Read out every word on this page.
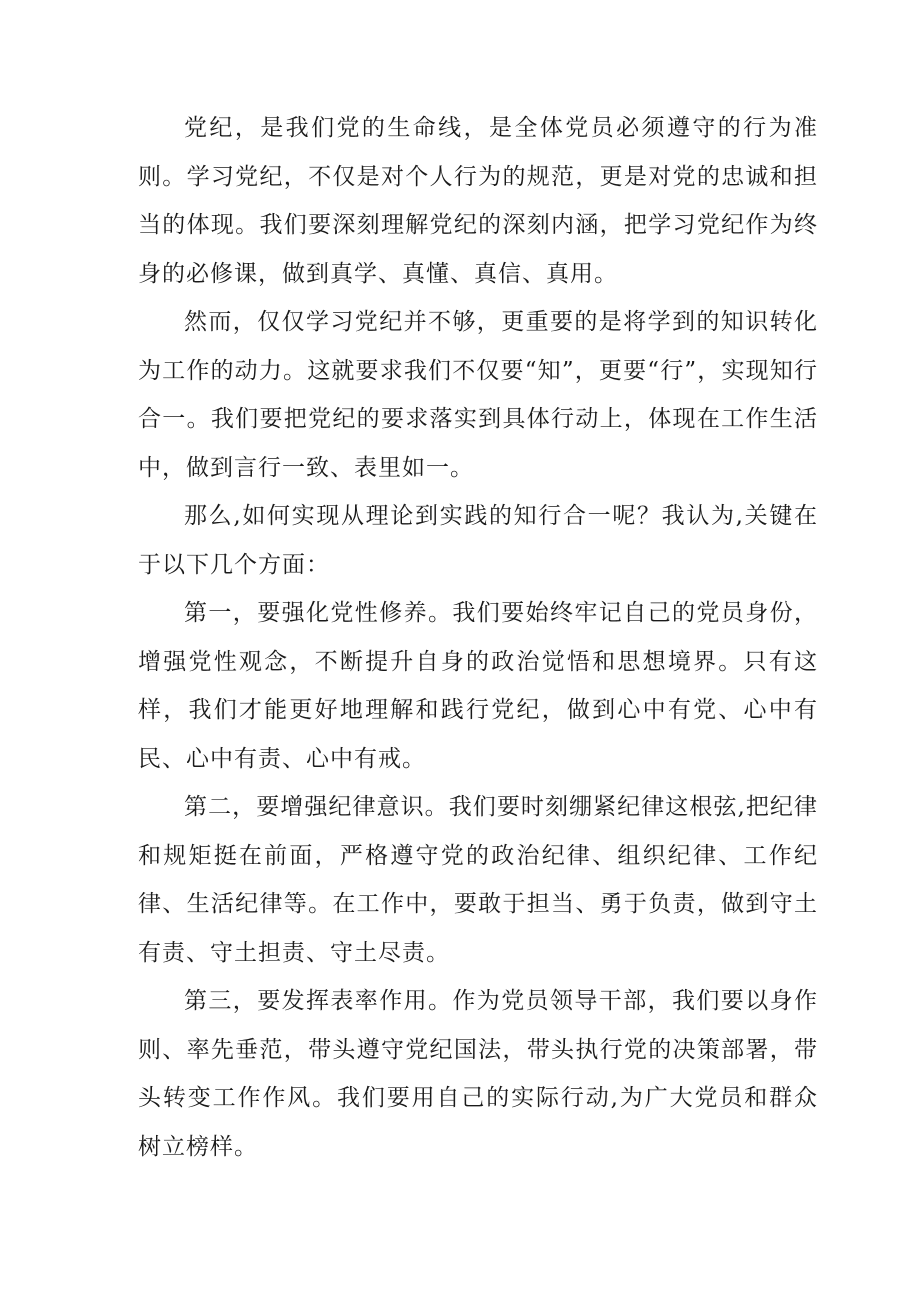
党纪，是我们党的生命线，是全体党员必须遵守的行为准则。学习党纪，不仅是对个人行为的规范，更是对党的忠诚和担当的体现。我们要深刻理解党纪的深刻内涵，把学习党纪作为终身的必修课，做到真学、真懂、真信、真用。

然而，仅仅学习党纪并不够，更重要的是将学到的知识转化为工作的动力。这就要求我们不仅要“知”，更要“行”，实现知行合一。我们要把党纪的要求落实到具体行动上，体现在工作生活中，做到言行一致、表里如一。

那么,如何实现从理论到实践的知行合一呢？我认为,关键在于以下几个方面：

第一，要强化党性修养。我们要始终牢记自己的党员身份，增强党性观念，不断提升自身的政治觉悟和思想境界。只有这样，我们才能更好地理解和践行党纪，做到心中有党、心中有民、心中有责、心中有戒。

第二，要增强纪律意识。我们要时刻绷紧纪律这根弦,把纪律和规矩挺在前面，严格遵守党的政治纪律、组织纪律、工作纪律、生活纪律等。在工作中，要敢于担当、勇于负责，做到守土有责、守土担责、守土尽责。

第三，要发挥表率作用。作为党员领导干部，我们要以身作则、率先垂范，带头遵守党纪国法，带头执行党的决策部署，带头转变工作作风。我们要用自己的实际行动,为广大党员和群众树立榜样。
